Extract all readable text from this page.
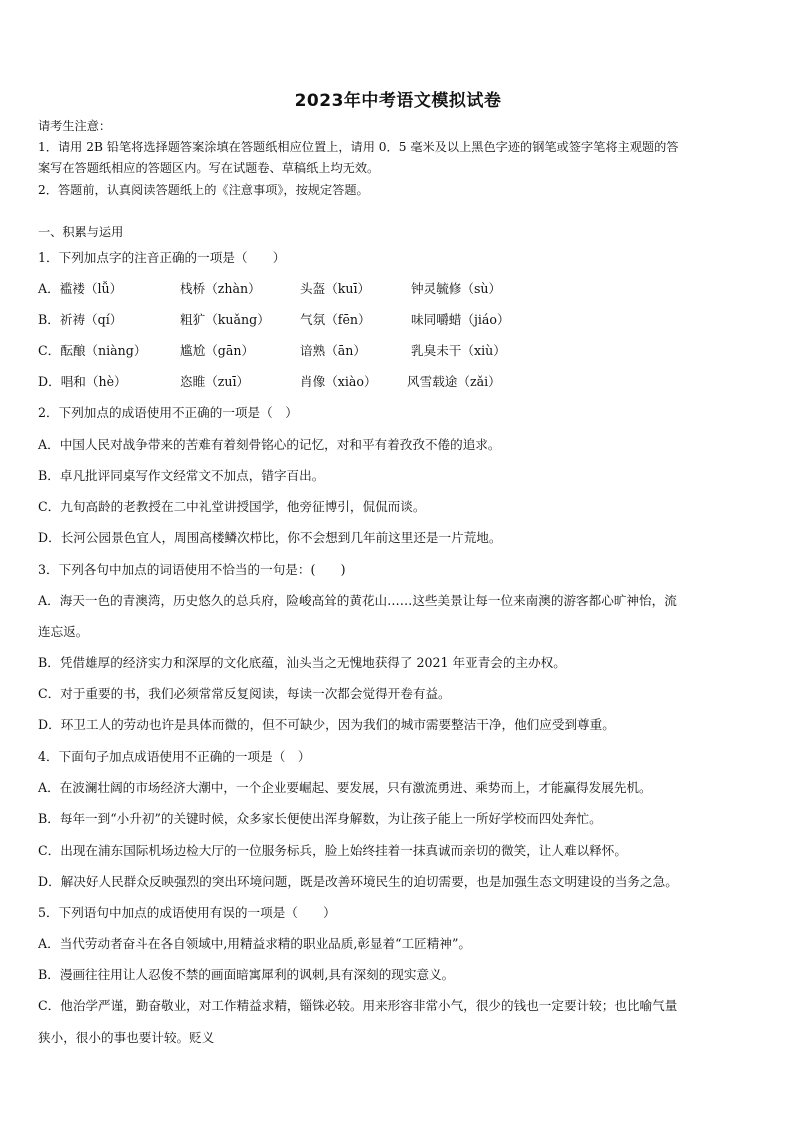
2023年中考语文模拟试卷
请考生注意：
1．请用 2B 铅笔将选择题答案涂填在答题纸相应位置上，请用 0．5 毫米及以上黑色字迹的钢笔或签字笔将主观题的答
案写在答题纸相应的答题区内。写在试题卷、草稿纸上均无效。
2．答题前，认真阅读答题纸上的《注意事项》，按规定答题。
一、积累与运用
1．下列加点字的注音正确的一项是（　　）
A．褴褛（lǚ）	栈桥（zhàn）	头盔（kuī）	钟灵毓修（sù）
B．祈祷（qí）	粗犷（kuǎng） 气氛（fēn）	味同嚼蜡（jiáo）
C．酝酿（niàng）	尴尬（gān）	谙熟（ān）	乳臭未干（xiù）
D．唱和（hè）	恣睢（zuī）	肖像（xiào） 风雪载途（zǎi）
2．下列加点的成语使用不正确的一项是（　）
A．中国人民对战争带来的苦难有着刻骨铭心的记忆，对和平有着孜孜不倦的追求。
B．卓凡批评同桌写作文经常文不加点，错字百出。
C．九旬高龄的老教授在二中礼堂讲授国学，他旁征博引，侃侃而谈。
D．长河公园景色宜人，周围高楼鳞次栉比，你不会想到几年前这里还是一片荒地。
3．下列各句中加点的词语使用不恰当的一句是：(　　)
A．海天一色的青澳湾，历史悠久的总兵府，险峻高耸的黄花山……这些美景让每一位来南澳的游客都心旷神怡，流
连忘返。
B．凭借雄厚的经济实力和深厚的文化底蕴，汕头当之无愧地获得了 2021 年亚青会的主办权。
C．对于重要的书，我们必须常常反复阅读，每读一次都会觉得开卷有益。
D．环卫工人的劳动也许是具体而微的，但不可缺少，因为我们的城市需要整洁干净，他们应受到尊重。
4．下面句子加点成语使用不正确的一项是（　）
A．在波澜壮阔的市场经济大潮中，一个企业要崛起、要发展，只有激流勇进、乘势而上，才能赢得发展先机。
B．每年一到“小升初”的关键时候，众多家长便使出浑身解数，为让孩子能上一所好学校而四处奔忙。
C．出现在浦东国际机场边检大厅的一位服务标兵，脸上始终挂着一抹真诚而亲切的微笑，让人难以释怀。
D．解决好人民群众反映强烈的突出环境问题，既是改善环境民生的迫切需要，也是加强生态文明建设的当务之急。
5．下列语句中加点的成语使用有误的一项是（　　）
A．当代劳动者奋斗在各自领域中,用精益求精的职业品质,彰显着“工匠精神”。
B．漫画往往用让人忍俊不禁的画面暗寓犀利的讽刺,具有深刻的现实意义。
C．他治学严谨，勤奋敬业，对工作精益求精，锱铢必较。用来形容非常小气，很少的钱也一定要计较；也比喻气量
狭小，很小的事也要计较。贬义
